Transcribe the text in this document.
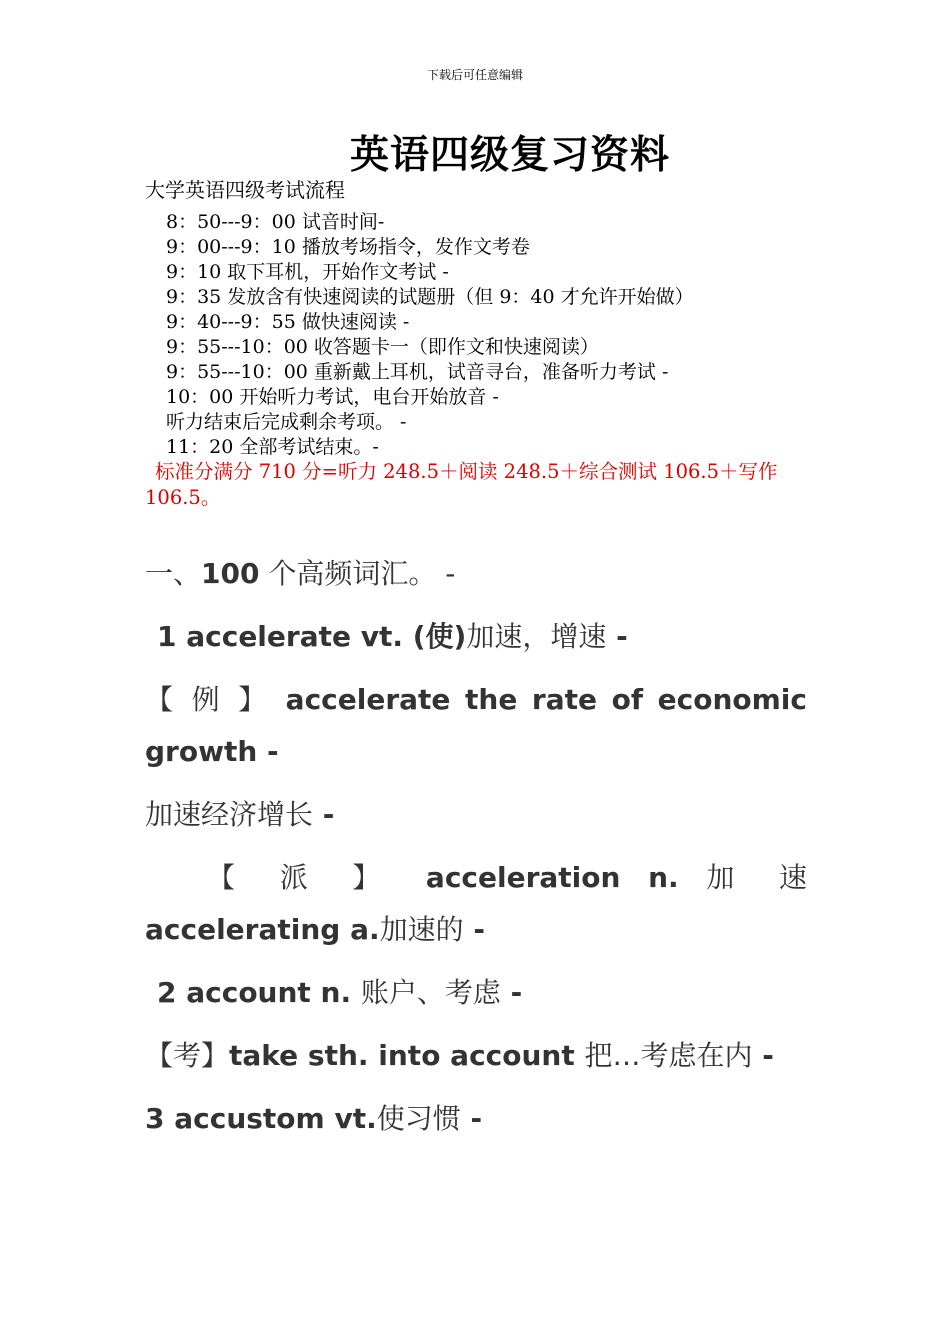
下载后可任意编辑
英语四级复习资料
大学英语四级考试流程
8：50---9：00 试音时间-
9：00---9：10 播放考场指令，发作文考卷
9：10 取下耳机，开始作文考试 -
9：35 发放含有快速阅读的试题册（但 9：40 才允许开始做）
9：40---9：55 做快速阅读 -
9：55---10：00 收答题卡一（即作文和快速阅读）
9：55---10：00 重新戴上耳机，试音寻台，准备听力考试 -
10：00 开始听力考试，电台开始放音 -
听力结束后完成剩余考项。 -
11：20 全部考试结束。-
标准分满分 710 分=听力 248.5＋阅读 248.5＋综合测试 106.5＋写作 106.5。

一、100 个高频词汇。 -

1 accelerate vt. (使)加速，增速 -

【 例 】 accelerate the rate of economic growth -

加速经济增长 -

【 派 】 acceleration n. 加 速 accelerating a.加速的 -

2 account n. 账户、考虑 -

【考】take sth. into account 把…考虑在内 -

3 accustom vt.使习惯 -
